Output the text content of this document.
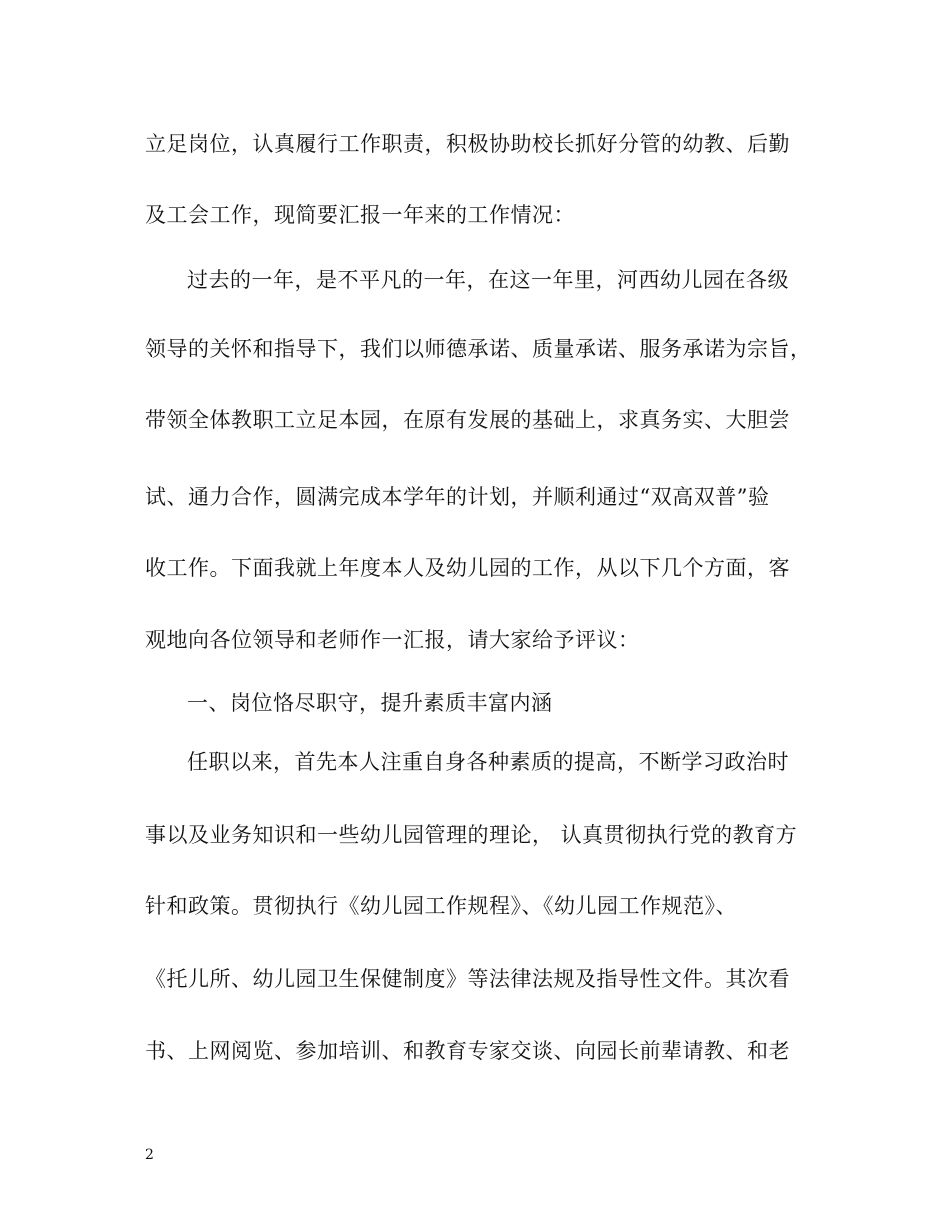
立足岗位，认真履行工作职责，积极协助校长抓好分管的幼教、后勤
及工会工作，现简要汇报一年来的工作情况：
过去的一年，是不平凡的一年，在这一年里，河西幼儿园在各级
领导的关怀和指导下，我们以师德承诺、质量承诺、服务承诺为宗旨，
带领全体教职工立足本园，在原有发展的基础上，求真务实、大胆尝
试、通力合作，圆满完成本学年的计划，并顺利通过“双高双普”验
收工作。下面我就上年度本人及幼儿园的工作，从以下几个方面，客
观地向各位领导和老师作一汇报，请大家给予评议：
一、岗位恪尽职守，提升素质丰富内涵
任职以来，首先本人注重自身各种素质的提高，不断学习政治时
事以及业务知识和一些幼儿园管理的理论， 认真贯彻执行党的教育方
针和政策。贯彻执行《幼儿园工作规程》、《幼儿园工作规范》、
《托儿所、幼儿园卫生保健制度》等法律法规及指导性文件。其次看
书、上网阅览、参加培训、和教育专家交谈、向园长前辈请教、和老
2
